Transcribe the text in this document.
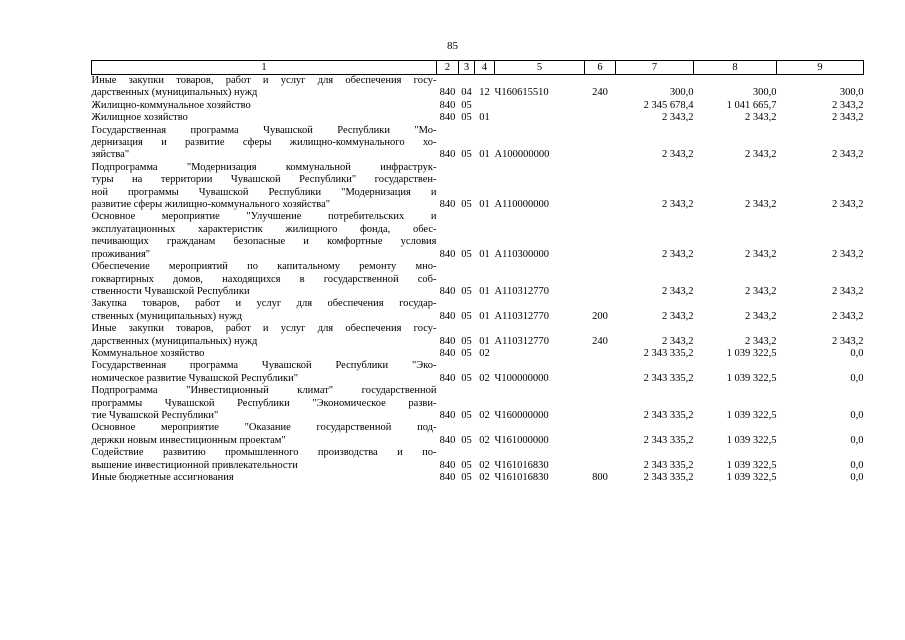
85
1	2	3	4	5	6	7	8	9

Иные закупки товаров, работ и услуг для обеспечения госу-
дарственных (муниципальных) нужд	840	04	12	Ч160615510	240	300,0	300,0	300,0

Жилищно-коммунальное хозяйство	840	05				2 345 678,4	1 041 665,7	2 343,2

Жилищное хозяйство	840	05	01			2 343,2	2 343,2	2 343,2

Государственная программа Чувашской Республики "Мо-
дернизация и развитие сферы жилищно-коммунального хо-
зяйства"	840	05	01	А100000000		2 343,2	2 343,2	2 343,2

Подпрограмма "Модернизация коммунальной инфраструк-
туры на территории Чувашской Республики" государствен-
ной программы Чувашской Республики "Модернизация и
развитие сферы жилищно-коммунального хозяйства"	840	05	01	А110000000		2 343,2	2 343,2	2 343,2

Основное мероприятие "Улучшение потребительских и
эксплуатационных характеристик жилищного фонда, обес-
печивающих гражданам безопасные и комфортные условия
проживания"	840	05	01	А110300000		2 343,2	2 343,2	2 343,2

Обеспечение мероприятий по капитальному ремонту мно-
гоквартирных домов, находящихся в государственной соб-
ственности Чувашской Республики	840	05	01	А110312770		2 343,2	2 343,2	2 343,2

Закупка товаров, работ и услуг для обеспечения государ-
ственных (муниципальных) нужд	840	05	01	А110312770	200	2 343,2	2 343,2	2 343,2

Иные закупки товаров, работ и услуг для обеспечения госу-
дарственных (муниципальных) нужд	840	05	01	А110312770	240	2 343,2	2 343,2	2 343,2

Коммунальное хозяйство	840	05	02			2 343 335,2	1 039 322,5	0,0

Государственная программа Чувашской Республики "Эко-
номическое развитие Чувашской Республики"	840	05	02	Ч100000000		2 343 335,2	1 039 322,5	0,0

Подпрограмма "Инвестиционный климат" государственной
программы Чувашской Республики "Экономическое разви-
тие Чувашской Республики"	840	05	02	Ч160000000		2 343 335,2	1 039 322,5	0,0

Основное мероприятие "Оказание государственной под-
держки новым инвестиционным проектам"	840	05	02	Ч161000000		2 343 335,2	1 039 322,5	0,0

Содействие развитию промышленного производства и по-
вышение инвестиционной привлекательности	840	05	02	Ч161016830		2 343 335,2	1 039 322,5	0,0

Иные бюджетные ассигнования	840	05	02	Ч161016830	800	2 343 335,2	1 039 322,5	0,0
